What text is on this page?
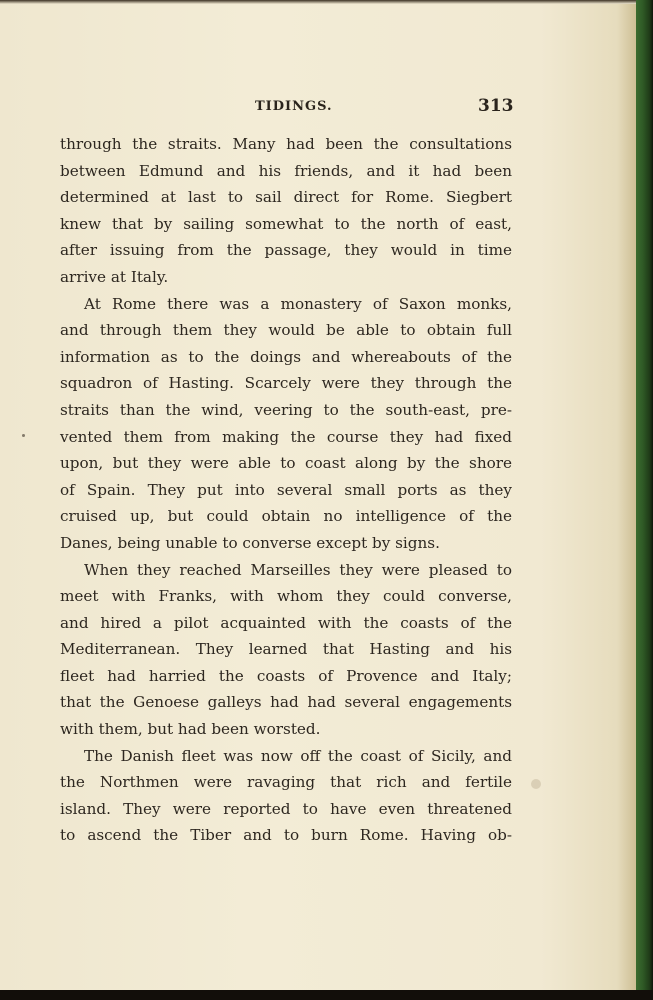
TIDINGS.	313
through the straits. Many had been the consultations
between Edmund and his friends, and it had been
determined at last to sail direct for Rome. Siegbert
knew that by sailing somewhat to the north of east,
after issuing from the passage, they would in time
arrive at Italy.
At Rome there was a monastery of Saxon monks,
and through them they would be able to obtain full
information as to the doings and whereabouts of the
squadron of Hasting. Scarcely were they through the
straits than the wind, veering to the south-east, pre-
vented them from making the course they had fixed
upon, but they were able to coast along by the shore
of Spain. They put into several small ports as they
cruised up, but could obtain no intelligence of the
Danes, being unable to converse except by signs.
When they reached Marseilles they were pleased to
meet with Franks, with whom they could converse,
and hired a pilot acquainted with the coasts of the
Mediterranean. They learned that Hasting and his
fleet had harried the coasts of Provence and Italy;
that the Genoese galleys had had several engagements
with them, but had been worsted.
The Danish fleet was now off the coast of Sicily, and
the Northmen were ravaging that rich and fertile
island. They were reported to have even threatened
to ascend the Tiber and to burn Rome. Having ob-
